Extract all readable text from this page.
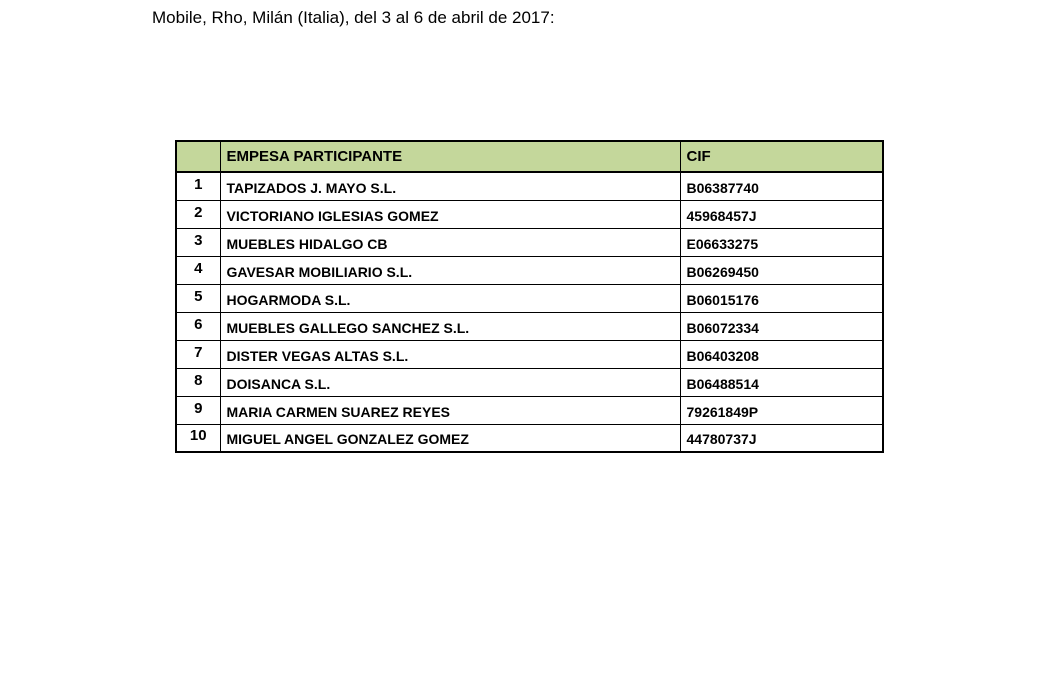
Mobile, Rho, Milán (Italia), del 3 al 6 de abril de 2017:
	EMPESA PARTICIPANTE	CIF
1	TAPIZADOS J. MAYO S.L.	B06387740
2	VICTORIANO IGLESIAS GOMEZ	45968457J
3	MUEBLES HIDALGO CB	E06633275
4	GAVESAR MOBILIARIO S.L.	B06269450
5	HOGARMODA S.L.	B06015176
6	MUEBLES GALLEGO SANCHEZ S.L.	B06072334
7	DISTER VEGAS ALTAS S.L.	B06403208
8	DOISANCA S.L.	B06488514
9	MARIA CARMEN SUAREZ REYES	79261849P
10	MIGUEL ANGEL GONZALEZ GOMEZ	44780737J
